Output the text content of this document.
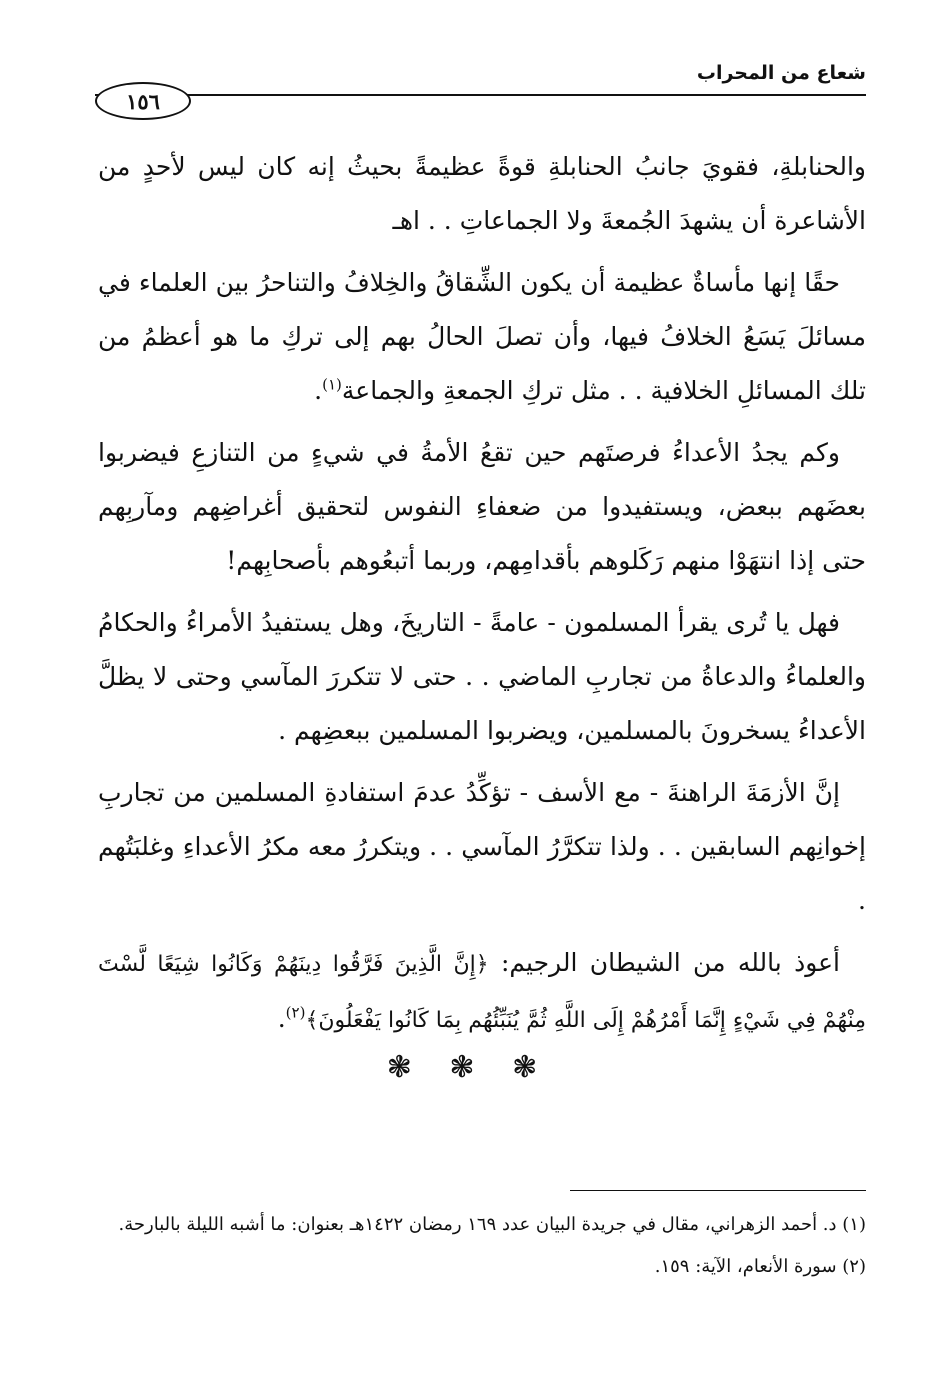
شعاع من المحراب
١٥٦

والحنابلةِ، فقويَ جانبُ الحنابلةِ قوةً عظيمةً بحيثُ إنه كان ليس لأحدٍ من الأشاعرة أن يشهدَ الجُمعةَ ولا الجماعاتِ . . اهـ

حقًا إنها مأساةٌ عظيمة أن يكون الشِّقاقُ والخِلافُ والتناحرُ بين العلماء في مسائلَ يَسَعُ الخلافُ فيها، وأن تصلَ الحالُ بهم إلى تركِ ما هو أعظمُ من تلك المسائلِ الخلافية . . مثل تركِ الجمعةِ والجماعة$^{(١)}$.

وكم يجدُ الأعداءُ فرصتَهم حين تقعُ الأمةُ في شيءٍ من التنازعِ فيضربوا بعضَهم ببعض، ويستفيدوا من ضعفاءِ النفوس لتحقيق أغراضِهم ومآربِهم حتى إذا انتهَوْا منهم رَكَلوهم بأقدامِهم، وربما أتبعُوهم بأصحابِهم!

فهل يا تُرى يقرأ المسلمون - عامةً - التاريخَ، وهل يستفيدُ الأمراءُ والحكامُ والعلماءُ والدعاةُ من تجاربِ الماضي . . حتى لا تتكررَ المآسي وحتى لا يظلَّ الأعداءُ يسخرونَ بالمسلمين، ويضربوا المسلمين ببعضِهم .

إنَّ الأزمَةَ الراهنةَ - مع الأسف - تؤكِّدُ عدمَ استفادةِ المسلمين من تجاربِ إخوانِهم السابقين . . ولذا تتكرَّرُ المآسي . . ويتكررُ معه مكرُ الأعداءِ وغلبَتُهم .

أعوذ بالله من الشيطان الرجيم: ﴿إِنَّ الَّذِينَ فَرَّقُوا دِينَهُمْ وَكَانُوا شِيَعًا لَّسْتَ مِنْهُمْ فِي شَيْءٍ إِنَّمَا أَمْرُهُمْ إِلَى اللَّهِ ثُمَّ يُنَبِّئُهُم بِمَا كَانُوا يَفْعَلُونَ﴾$^{(٢)}$.

❃ ❃ ❃
(١) د. أحمد الزهراني، مقال في جريدة البيان عدد ١٦٩ رمضان ١٤٢٢هـ بعنوان: ما أشبه الليلة بالبارحة.
(٢) سورة الأنعام، الآية: ١٥٩.
